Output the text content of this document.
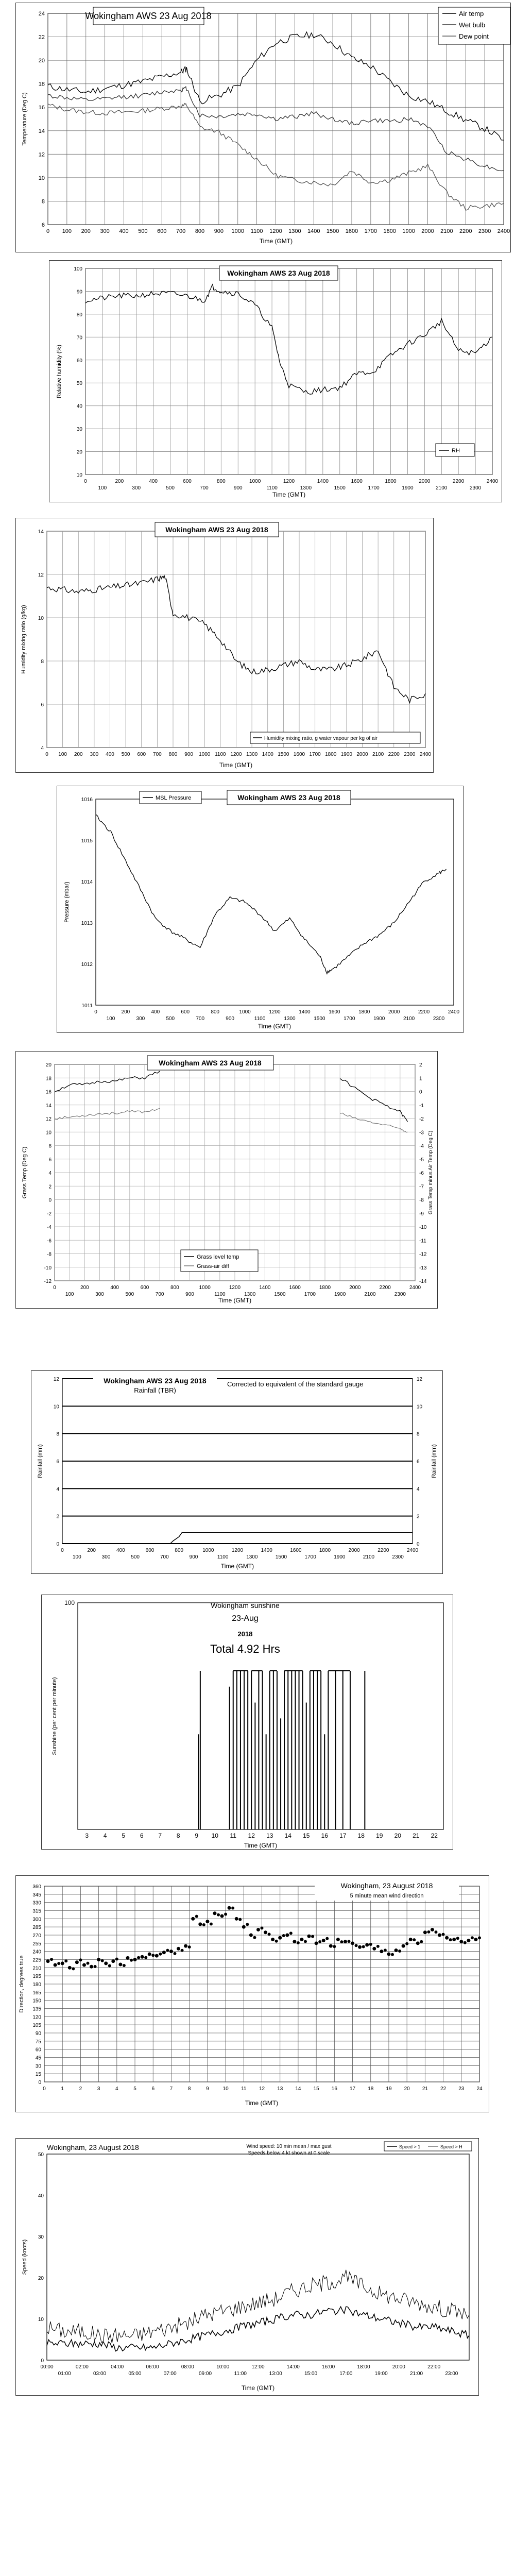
6
8
10
12
14
16
18
20
22
24
0 100 200 300 400 500 600 700 800 900 1000 1100 1200 1300 1400 1500 1600 1700 1800 1900 2000 2100 2200 2300 2400
Wokingham AWS 23 Aug 2018	Air temp
Wet bulb
Dew point
Temperature (Deg C)
Time (GMT)
10
20
30
40
50
60
70
80
90
100
0
100
200
300
400
500
600
700
800
900
1000
1100
1200
1300
1400
1500
1600
1700
1800
1900
2000
2100
2200
2300
2400
Wokingham AWS 23 Aug 2018
RH
Relative humidity (%)
Time (GMT)
4
6
8
10
12
14
0 100 200 300 400 500 600 700 800 900 1000 1100 1200 1300 1400 1500 1600 1700 1800 1900 2000 2100 2200 2300 2400
Wokingham AWS 23 Aug 2018
Humidity mixing ratio, g water vapour per kg of air
Humidity mixing ratio (g/kg)
Time (GMT)
1011
1012
1013
1014
1015
1016
0
100
200
300
400
500
600
700
800
900
1000
1100
1200
1300
1400
1500
1600
1700
1800
1900
2000
2100
2200
2300
2400
MSL Pressure	Wokingham AWS 23 Aug 2018
Pressure (mbar)
Time (GMT)
-12
-10
-8
-6
-4
-2
0
2
4
6
8
10
12
14
16
18
20
0
100
200
300
400
500
600
700
800
900
1000
1100
1200
1300
1400
1500
1600
1700
1800
1900
2000
2100
2200
2300
2400
-14
-13
-12
-11
-10
-9
-8
-7
-6
-5
-4
-3
-2
-1
0
1
2
Wokingham AWS 23 Aug 2018
Grass level temp
Grass-air diff
Grass Temp (Deg C)	Grass Temp minus Air Temp (Deg C)
Time (GMT)
0
2
4
6
8
10
12
0
100
200
300
400
500
600
700
800
900
1000
1100
1200
1300
1400
1500
1600
1700
1800
1900
2000
2100
2200
2300
2400
0
2
4
6
8
10
12
Wokingham AWS 23 Aug 2018
Rainfall (TBR)
Corrected to equivalent of the standard gauge
Rainfall (mm)	Rainfall (mm)
Time (GMT)
100
3 4 5 6 7 8 9 10 11 12 13 14 15 16 17 18 19 20 21 22
Wokingham sunshine
23-Aug
2018
Total 4.92 Hrs
Sunshine (per cent per minute)
Time (GMT)
0
15
30
45
60
75
90
105
120
135
150
165
180
195
210
225
240
255
270
285
300
315
330
345
360
0	1	2	3	4	5	6	7	8	9	10 11 12 13 14 15 16 17 18 19 20 21 22 23 24
Wokingham, 23 August 2018
5 minute mean wind direction
Direction, degrees true
Time (GMT)
0
10
20
30
40
50
00:00
01:00
02:00
03:00
04:00
05:00
06:00
07:00
08:00
09:00
10:00
11:00
12:00
13:00
14:00
15:00
16:00
17:00
18:00
19:00
20:00
21:00
22:00
23:00
Wokingham, 23 August 2018	Wind speed: 10 min mean / max gust
Speeds below 4 kt shown at 0 scale
Speed > 1	Speed > H
Speed (knots)
Time (GMT)
